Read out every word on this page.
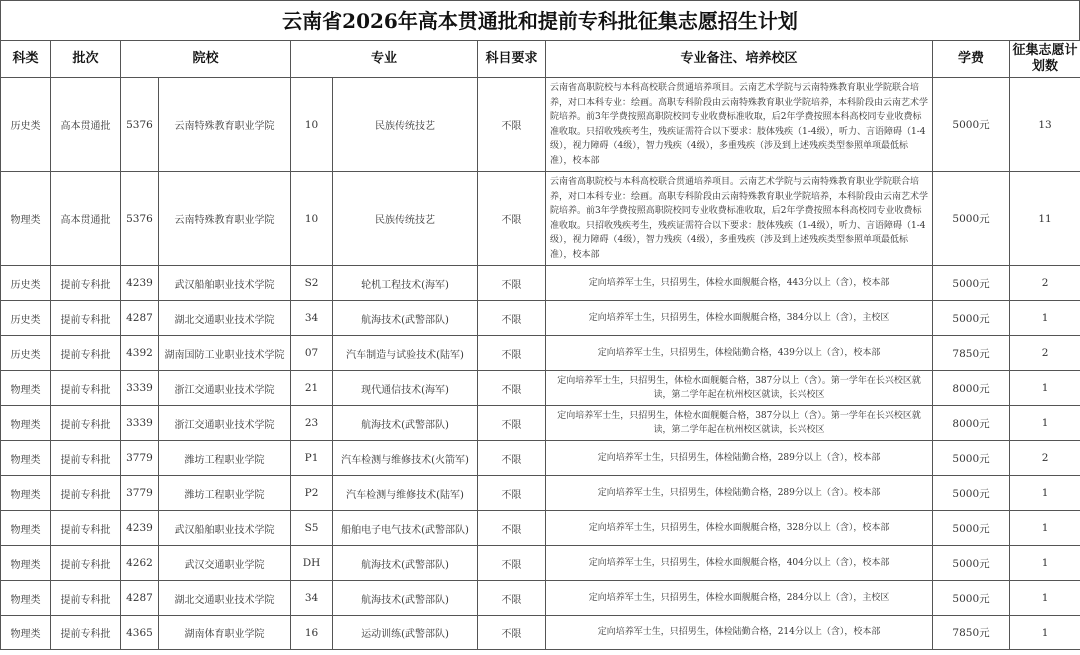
云南省2026年高本贯通批和提前专科批征集志愿招生计划
科类	批次	院校		专业		科目要求	专业备注、培养校区	学费	征集志愿计划数
历史类	高本贯通批	5376	云南特殊教育职业学院	10	民族传统技艺	不限	云南省高职院校与本科高校联合贯通培养项目。云南艺术学院与云南特殊教育职业学院联合培养，对口本科专业：绘画。高职专科阶段由云南特殊教育职业学院培养，本科阶段由云南艺术学院培养。前3年学费按照高职院校同专业收费标准收取，后2年学费按照本科高校同专业收费标准收取。只招收残疾考生，残疾证需符合以下要求：肢体残疾（1-4级），听力、言语障碍（1-4级），视力障碍（4级），智力残疾（4级），多重残疾（涉及到上述残疾类型参照单项最低标准），校本部	5000元	13
物理类	高本贯通批	5376	云南特殊教育职业学院	10	民族传统技艺	不限	云南省高职院校与本科高校联合贯通培养项目。云南艺术学院与云南特殊教育职业学院联合培养，对口本科专业：绘画。高职专科阶段由云南特殊教育职业学院培养，本科阶段由云南艺术学院培养。前3年学费按照高职院校同专业收费标准收取，后2年学费按照本科高校同专业收费标准收取。只招收残疾考生，残疾证需符合以下要求：肢体残疾（1-4级），听力、言语障碍（1-4级），视力障碍（4级），智力残疾（4级），多重残疾（涉及到上述残疾类型参照单项最低标准），校本部	5000元	11
历史类	提前专科批	4239	武汉船舶职业技术学院	S2	轮机工程技术(海军)	不限	定向培养军士生，只招男生，体检水面舰艇合格，443分以上（含），校本部	5000元	2
历史类	提前专科批	4287	湖北交通职业技术学院	34	航海技术(武警部队)	不限	定向培养军士生，只招男生，体检水面舰艇合格，384分以上（含），主校区	5000元	1
历史类	提前专科批	4392	湖南国防工业职业技术学院	07	汽车制造与试验技术(陆军)	不限	定向培养军士生，只招男生，体检陆勤合格，439分以上（含），校本部	7850元	2
物理类	提前专科批	3339	浙江交通职业技术学院	21	现代通信技术(海军)	不限	定向培养军士生，只招男生，体检水面舰艇合格，387分以上（含）。第一学年在长兴校区就读，第二学年起在杭州校区就读，长兴校区	8000元	1
物理类	提前专科批	3339	浙江交通职业技术学院	23	航海技术(武警部队)	不限	定向培养军士生，只招男生，体检水面舰艇合格，387分以上（含）。第一学年在长兴校区就读，第二学年起在杭州校区就读，长兴校区	8000元	1
物理类	提前专科批	3779	潍坊工程职业学院	P1	汽车检测与维修技术(火箭军)	不限	定向培养军士生，只招男生，体检陆勤合格，289分以上（含），校本部	5000元	2
物理类	提前专科批	3779	潍坊工程职业学院	P2	汽车检测与维修技术(陆军)	不限	定向培养军士生，只招男生，体检陆勤合格，289分以上（含）。校本部	5000元	1
物理类	提前专科批	4239	武汉船舶职业技术学院	S5	船舶电子电气技术(武警部队)	不限	定向培养军士生，只招男生，体检水面舰艇合格，328分以上（含），校本部	5000元	1
物理类	提前专科批	4262	武汉交通职业学院	DH	航海技术(武警部队)	不限	定向培养军士生，只招男生，体检水面舰艇合格，404分以上（含），校本部	5000元	1
物理类	提前专科批	4287	湖北交通职业技术学院	34	航海技术(武警部队)	不限	定向培养军士生，只招男生，体检水面舰艇合格，284分以上（含），主校区	5000元	1
物理类	提前专科批	4365	湖南体育职业学院	16	运动训练(武警部队)	不限	定向培养军士生，只招男生，体检陆勤合格，214分以上（含），校本部	7850元	1
